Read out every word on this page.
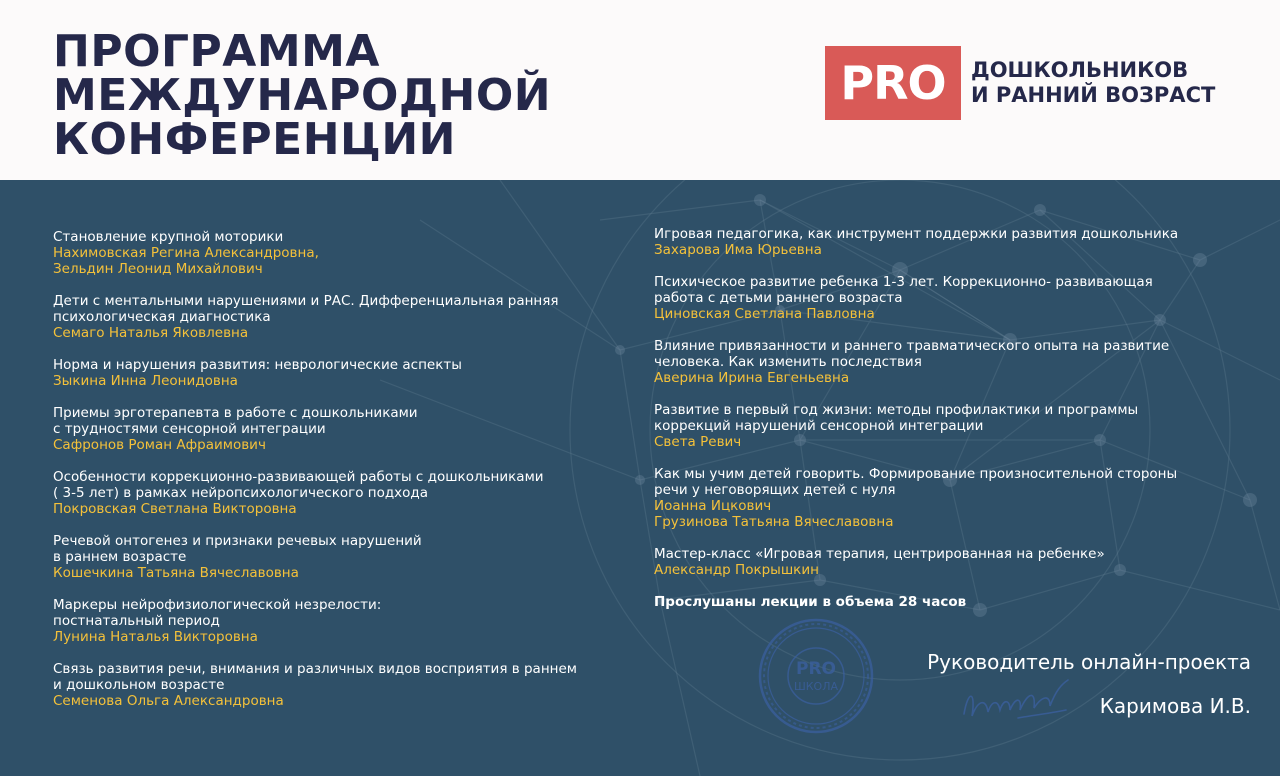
ПРОГРАММА
МЕЖДУНАРОДНОЙ
КОНФЕРЕНЦИИ
PRO	ДОШКОЛЬНИКОВ
И РАННИЙ ВОЗРАСТ
Становление крупной моторики
Нахимовская Регина Александровна,
Зельдин Леонид Михайлович
Дети с ментальными нарушениями и РАС. Дифференциальная ранняя
психологическая диагностика
Семаго Наталья Яковлевна
Норма и нарушения развития: неврологические аспекты
Зыкина Инна Леонидовна
Приемы эрготерапевта в работе с дошкольниками
с трудностями сенсорной интеграции
Сафронов Роман Афраимович
Особенности коррекционно-развивающей работы с дошкольниками
( 3-5 лет) в рамках нейропсихологического подхода
Покровская Светлана Викторовна
Речевой онтогенез и признаки речевых нарушений
в раннем возрасте
Кошечкина Татьяна Вячеславовна
Маркеры нейрофизиологической незрелости:
постнатальный период
Лунина Наталья Викторовна
Связь развития речи, внимания и различных видов восприятия в раннем
и дошкольном возрасте
Семенова Ольга Александровна
Игровая педагогика, как инструмент поддержки развития дошкольника
Захарова Има Юрьевна
Психическое развитие ребенка 1-3 лет. Коррекционно- развивающая
работа с детьми раннего возраста
Циновская Светлана Павловна
Влияние привязанности и раннего травматического опыта на развитие
человека. Как изменить последствия
Аверина Ирина Евгеньевна
Развитие в первый год жизни: методы профилактики и программы
коррекций нарушений сенсорной интеграции
Света Ревич
Как мы учим детей говорить. Формирование произносительной стороны
речи у неговорящих детей с нуля
Иоанна Ицкович
Грузинова Татьяна Вячеславовна
Мастер-класс «Игровая терапия, центрированная на ребенке»
Александр Покрышкин
Прослушаны лекции в объема 28 часов
PRO
ШКОЛА
Руководитель онлайн-проекта
Каримова И.В.
